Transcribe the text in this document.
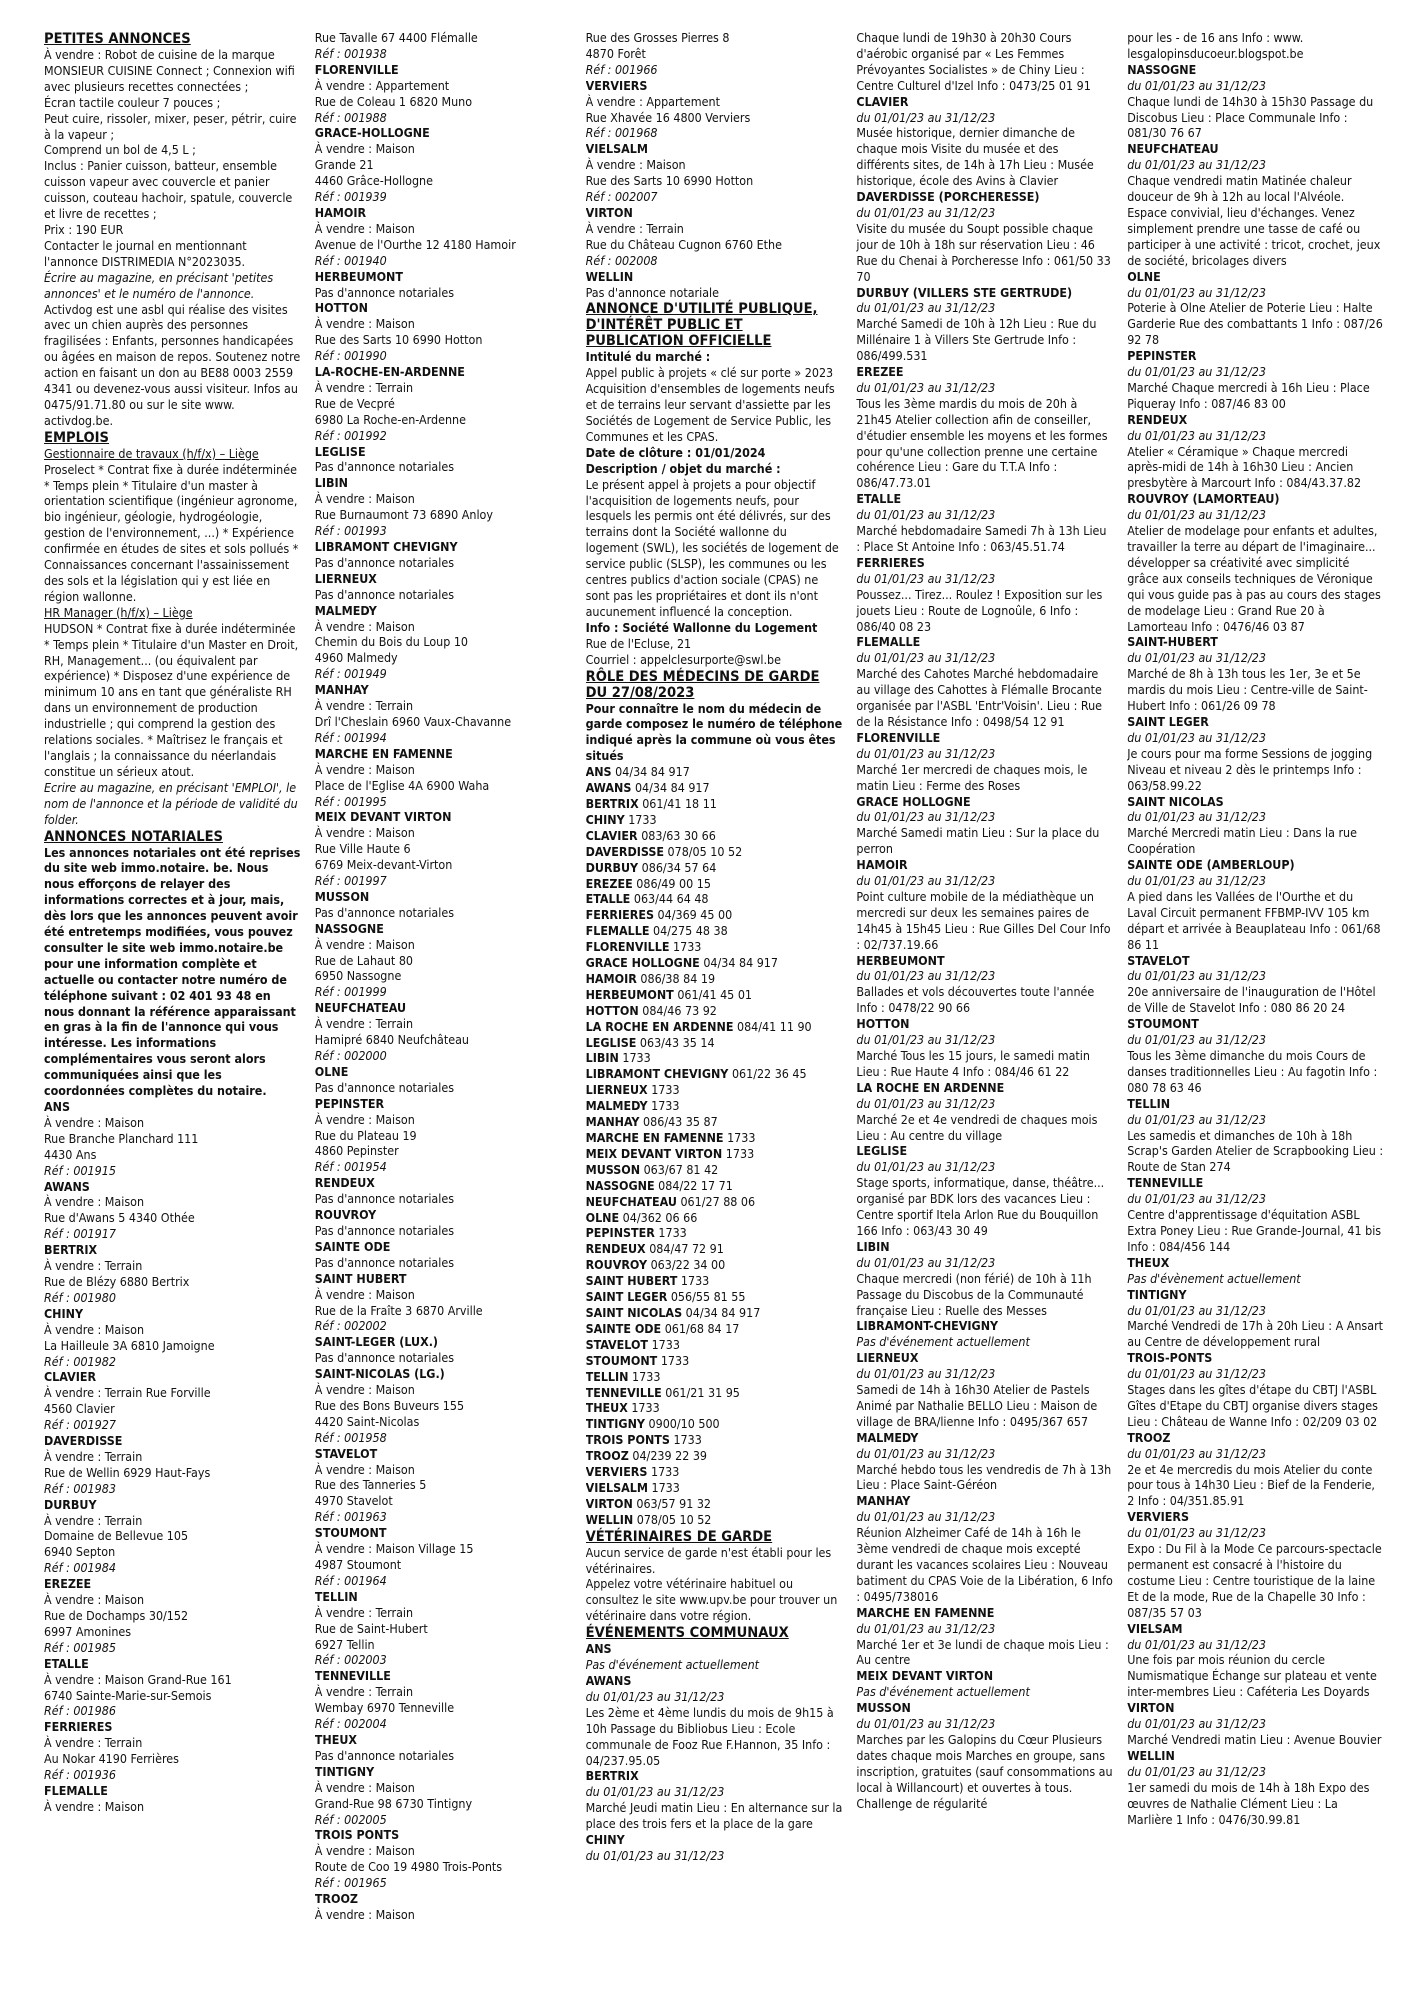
PETITES ANNONCES
À vendre : Robot de cuisine de la marque MONSIEUR CUISINE Connect ; Connexion wifi avec plusieurs recettes connectées ;
Écran tactile couleur 7 pouces ;
Peut cuire, rissoler, mixer, peser, pétrir, cuire à la vapeur ;
Comprend un bol de 4,5 L ;
Inclus : Panier cuisson, batteur, ensemble cuisson vapeur avec couvercle et panier cuisson, couteau hachoir, spatule, couvercle et livre de recettes ;
Prix : 190 EUR
Contacter le journal en mentionnant l'annonce DISTRIMEDIA N°2023035.
Écrire au magazine, en précisant 'petites annonces' et le numéro de l'annonce.
Activdog est une asbl qui réalise des visites avec un chien auprès des personnes fragilisées : Enfants, personnes handicapées ou âgées en maison de repos. Soutenez notre action en faisant un don au BE88 0003 2559 4341 ou devenez-vous aussi visiteur. Infos au 0475/91.71.80 ou sur le site www. activdog.be.
EMPLOIS
Gestionnaire de travaux (h/f/x) – Liège
Proselect * Contrat fixe à durée indéterminée * Temps plein * Titulaire d'un master à orientation scientifique (ingénieur agronome, bio ingénieur, géologie, hydrogéologie, gestion de l'environnement, ...) * Expérience confirmée en études de sites et sols pollués * Connaissances concernant l'assainissement des sols et la législation qui y est liée en région wallonne.
HR Manager (h/f/x) – Liège
HUDSON * Contrat fixe à durée indéterminée * Temps plein * Titulaire d'un Master en Droit, RH, Management... (ou équivalent par expérience) * Disposez d'une expérience de minimum 10 ans en tant que généraliste RH dans un environnement de production industrielle ; qui comprend la gestion des relations sociales. * Maîtrisez le français et l'anglais ; la connaissance du néerlandais constitue un sérieux atout.
Ecrire au magazine, en précisant 'EMPLOI', le nom de l'annonce et la période de validité du folder.
ANNONCES NOTARIALES
Les annonces notariales ont été reprises du site web immo.notaire. be. Nous nous efforçons de relayer des informations correctes et à jour, mais, dès lors que les annonces peuvent avoir été entretemps modifiées, vous pouvez consulter le site web immo.notaire.be pour une information complète et actuelle ou contacter notre numéro de téléphone suivant : 02 401 93 48 en nous donnant la référence apparaissant en gras à la fin de l'annonce qui vous intéresse. Les informations complémentaires vous seront alors communiquées ainsi que les coordonnées complètes du notaire.
ANS
À vendre : Maison
Rue Branche Planchard 111
4430 Ans
Réf : 001915
AWANS
À vendre : Maison
Rue d'Awans 5 4340 Othée
Réf : 001917
BERTRIX
À vendre : Terrain
Rue de Blézy 6880 Bertrix
Réf : 001980
CHINY
À vendre : Maison
La Hailleule 3A 6810 Jamoigne
Réf : 001982
CLAVIER
À vendre : Terrain Rue Forville
4560 Clavier
Réf : 001927
DAVERDISSE
À vendre : Terrain
Rue de Wellin 6929 Haut-Fays
Réf : 001983
DURBUY
À vendre : Terrain
Domaine de Bellevue 105
6940 Septon
Réf : 001984
EREZEE
À vendre : Maison
Rue de Dochamps 30/152
6997 Amonines
Réf : 001985
ETALLE
À vendre : Maison Grand-Rue 161
6740 Sainte-Marie-sur-Semois
Réf : 001986
FERRIERES
À vendre : Terrain
Au Nokar 4190 Ferrières
Réf : 001936
FLEMALLE
À vendre : Maison
Rue Tavalle 67 4400 Flémalle
Réf : 001938
FLORENVILLE
À vendre : Appartement
Rue de Coleau 1 6820 Muno
Réf : 001988
GRACE-HOLLOGNE
À vendre : Maison
Grande 21
4460 Grâce-Hollogne
Réf : 001939
HAMOIR
À vendre : Maison
Avenue de l'Ourthe 12 4180 Hamoir
Réf : 001940
HERBEUMONT
Pas d'annonce notariales
HOTTON
À vendre : Maison
Rue des Sarts 10 6990 Hotton
Réf : 001990
LA-ROCHE-EN-ARDENNE
À vendre : Terrain
Rue de Vecpré
6980 La Roche-en-Ardenne
Réf : 001992
LEGLISE
Pas d'annonce notariales
LIBIN
À vendre : Maison
Rue Burnaumont 73 6890 Anloy
Réf : 001993
LIBRAMONT CHEVIGNY
Pas d'annonce notariales
LIERNEUX
Pas d'annonce notariales
MALMEDY
À vendre : Maison
Chemin du Bois du Loup 10
4960 Malmedy
Réf : 001949
MANHAY
À vendre : Terrain
Drî l'Cheslain 6960 Vaux-Chavanne
Réf : 001994
MARCHE EN FAMENNE
À vendre : Maison
Place de l'Eglise 4A 6900 Waha
Réf : 001995
MEIX DEVANT VIRTON
À vendre : Maison
Rue Ville Haute 6
6769 Meix-devant-Virton
Réf : 001997
MUSSON
Pas d'annonce notariales
NASSOGNE
À vendre : Maison
Rue de Lahaut 80
6950 Nassogne
Réf : 001999
NEUFCHATEAU
À vendre : Terrain
Hamipré 6840 Neufchâteau
Réf : 002000
OLNE
Pas d'annonce notariales
PEPINSTER
À vendre : Maison
Rue du Plateau 19
4860 Pepinster
Réf : 001954
RENDEUX
Pas d'annonce notariales
ROUVROY
Pas d'annonce notariales
SAINTE ODE
Pas d'annonce notariales
SAINT HUBERT
À vendre : Maison
Rue de la Fraîte 3 6870 Arville
Réf : 002002
SAINT-LEGER (LUX.)
Pas d'annonce notariales
SAINT-NICOLAS (LG.)
À vendre : Maison
Rue des Bons Buveurs 155
4420 Saint-Nicolas
Réf : 001958
STAVELOT
À vendre : Maison
Rue des Tanneries 5
4970 Stavelot
Réf : 001963
STOUMONT
À vendre : Maison Village 15
4987 Stoumont
Réf : 001964
TELLIN
À vendre : Terrain
Rue de Saint-Hubert
6927 Tellin
Réf : 002003
TENNEVILLE
À vendre : Terrain
Wembay 6970 Tenneville
Réf : 002004
THEUX
Pas d'annonce notariales
TINTIGNY
À vendre : Maison
Grand-Rue 98 6730 Tintigny
Réf : 002005
TROIS PONTS
À vendre : Maison
Route de Coo 19 4980 Trois-Ponts
Réf : 001965
TROOZ
À vendre : Maison
Rue des Grosses Pierres 8
4870 Forêt
Réf : 001966
VERVIERS
À vendre : Appartement
Rue Xhavée 16 4800 Verviers
Réf : 001968
VIELSALM
À vendre : Maison
Rue des Sarts 10 6990 Hotton
Réf : 002007
VIRTON
À vendre : Terrain
Rue du Château Cugnon 6760 Ethe
Réf : 002008
WELLIN
Pas d'annonce notariale
ANNONCE D'UTILITÉ PUBLIQUE, D'INTÉRÊT PUBLIC ET PUBLICATION OFFICIELLE
Intitulé du marché :
Appel public à projets « clé sur porte » 2023 Acquisition d'ensembles de logements neufs et de terrains leur servant d'assiette par les Sociétés de Logement de Service Public, les Communes et les CPAS.
Date de clôture : 01/01/2024
Description / objet du marché :
Le présent appel à projets a pour objectif l'acquisition de logements neufs, pour lesquels les permis ont été délivrés, sur des terrains dont la Société wallonne du logement (SWL), les sociétés de logement de service public (SLSP), les communes ou les centres publics d'action sociale (CPAS) ne sont pas les propriétaires et dont ils n'ont aucunement influencé la conception.
Info : Société Wallonne du Logement
Rue de l'Ecluse, 21
Courriel : appelclesurporte@swl.be
RÔLE DES MÉDECINS DE GARDE DU 27/08/2023
Pour connaître le nom du médecin de garde composez le numéro de téléphone indiqué après la commune où vous êtes situés
ANS 04/34 84 917
AWANS 04/34 84 917
BERTRIX 061/41 18 11
CHINY 1733
CLAVIER 083/63 30 66
DAVERDISSE 078/05 10 52
DURBUY 086/34 57 64
EREZEE 086/49 00 15
ETALLE 063/44 64 48
FERRIERES 04/369 45 00
FLEMALLE 04/275 48 38
FLORENVILLE 1733
GRACE HOLLOGNE 04/34 84 917
HAMOIR 086/38 84 19
HERBEUMONT 061/41 45 01
HOTTON 084/46 73 92
LA ROCHE EN ARDENNE 084/41 11 90
LEGLISE 063/43 35 14
LIBIN 1733
LIBRAMONT CHEVIGNY 061/22 36 45
LIERNEUX 1733
MALMEDY 1733
MANHAY 086/43 35 87
MARCHE EN FAMENNE 1733
MEIX DEVANT VIRTON 1733
MUSSON 063/67 81 42
NASSOGNE 084/22 17 71
NEUFCHATEAU 061/27 88 06
OLNE 04/362 06 66
PEPINSTER 1733
RENDEUX 084/47 72 91
ROUVROY 063/22 34 00
SAINT HUBERT 1733
SAINT LEGER 056/55 81 55
SAINT NICOLAS 04/34 84 917
SAINTE ODE 061/68 84 17
STAVELOT 1733
STOUMONT 1733
TELLIN 1733
TENNEVILLE 061/21 31 95
THEUX 1733
TINTIGNY 0900/10 500
TROIS PONTS 1733
TROOZ 04/239 22 39
VERVIERS 1733
VIELSALM 1733
VIRTON 063/57 91 32
WELLIN 078/05 10 52
VÉTÉRINAIRES DE GARDE
Aucun service de garde n'est établi pour les vétérinaires.
Appelez votre vétérinaire habituel ou consultez le site www.upv.be pour trouver un vétérinaire dans votre région.
ÉVÉNEMENTS COMMUNAUX
ANS
Pas d'événement actuellement
AWANS
du 01/01/23 au 31/12/23
Les 2ème et 4ème lundis du mois de 9h15 à 10h Passage du Bibliobus Lieu : Ecole communale de Fooz Rue F.Hannon, 35 Info : 04/237.95.05
BERTRIX
du 01/01/23 au 31/12/23
Marché Jeudi matin Lieu : En alternance sur la place des trois fers et la place de la gare
CHINY
du 01/01/23 au 31/12/23
Chaque lundi de 19h30 à 20h30 Cours d'aérobic organisé par « Les Femmes Prévoyantes Socialistes » de Chiny Lieu : Centre Culturel d'Izel Info : 0473/25 01 91
CLAVIER
du 01/01/23 au 31/12/23
Musée historique, dernier dimanche de chaque mois Visite du musée et des différents sites, de 14h à 17h Lieu : Musée historique, école des Avins à Clavier
DAVERDISSE (PORCHERESSE)
du 01/01/23 au 31/12/23
Visite du musée du Soupt possible chaque jour de 10h à 18h sur réservation Lieu : 46 Rue du Chenai à Porcheresse Info : 061/50 33 70
DURBUY (VILLERS STE GERTRUDE)
du 01/01/23 au 31/12/23
Marché Samedi de 10h à 12h Lieu : Rue du Millénaire 1 à Villers Ste Gertrude Info : 086/499.531
EREZEE
du 01/01/23 au 31/12/23
Tous les 3ème mardis du mois de 20h à 21h45 Atelier collection afin de conseiller, d'étudier ensemble les moyens et les formes pour qu'une collection prenne une certaine cohérence Lieu : Gare du T.T.A Info : 086/47.73.01
ETALLE
du 01/01/23 au 31/12/23
Marché hebdomadaire Samedi 7h à 13h Lieu : Place St Antoine Info : 063/45.51.74
FERRIERES
du 01/01/23 au 31/12/23
Poussez... Tirez... Roulez ! Exposition sur les jouets Lieu : Route de Lognoûle, 6 Info : 086/40 08 23
FLEMALLE
du 01/01/23 au 31/12/23
Marché des Cahotes Marché hebdomadaire au village des Cahottes à Flémalle Brocante organisée par l'ASBL 'Entr'Voisin'. Lieu : Rue de la Résistance Info : 0498/54 12 91
FLORENVILLE
du 01/01/23 au 31/12/23
Marché 1er mercredi de chaques mois, le matin Lieu : Ferme des Roses
GRACE HOLLOGNE
du 01/01/23 au 31/12/23
Marché Samedi matin Lieu : Sur la place du perron
HAMOIR
du 01/01/23 au 31/12/23
Point culture mobile de la médiathèque un mercredi sur deux les semaines paires de 14h45 à 15h45 Lieu : Rue Gilles Del Cour Info : 02/737.19.66
HERBEUMONT
du 01/01/23 au 31/12/23
Ballades et vols découvertes toute l'année Info : 0478/22 90 66
HOTTON
du 01/01/23 au 31/12/23
Marché Tous les 15 jours, le samedi matin Lieu : Rue Haute 4 Info : 084/46 61 22
LA ROCHE EN ARDENNE
du 01/01/23 au 31/12/23
Marché 2e et 4e vendredi de chaques mois Lieu : Au centre du village
LEGLISE
du 01/01/23 au 31/12/23
Stage sports, informatique, danse, théâtre... organisé par BDK lors des vacances Lieu : Centre sportif Itela Arlon Rue du Bouquillon 166 Info : 063/43 30 49
LIBIN
du 01/01/23 au 31/12/23
Chaque mercredi (non férié) de 10h à 11h Passage du Discobus de la Communauté française Lieu : Ruelle des Messes
LIBRAMONT-CHEVIGNY
Pas d'événement actuellement
LIERNEUX
du 01/01/23 au 31/12/23
Samedi de 14h à 16h30 Atelier de Pastels Animé par Nathalie BELLO Lieu : Maison de village de BRA/lienne Info : 0495/367 657
MALMEDY
du 01/01/23 au 31/12/23
Marché hebdo tous les vendredis de 7h à 13h Lieu : Place Saint-Géréon
MANHAY
du 01/01/23 au 31/12/23
Réunion Alzheimer Café de 14h à 16h le 3ème vendredi de chaque mois excepté durant les vacances scolaires Lieu : Nouveau batiment du CPAS Voie de la Libération, 6 Info : 0495/738016
MARCHE EN FAMENNE
du 01/01/23 au 31/12/23
Marché 1er et 3e lundi de chaque mois Lieu : Au centre
MEIX DEVANT VIRTON
Pas d'événement actuellement
MUSSON
du 01/01/23 au 31/12/23
Marches par les Galopins du Cœur Plusieurs dates chaque mois Marches en groupe, sans inscription, gratuites (sauf consommations au local à Willancourt) et ouvertes à tous. Challenge de régularité
pour les - de 16 ans Info : www. lesgalopinsducoeur.blogspot.be
NASSOGNE
du 01/01/23 au 31/12/23
Chaque lundi de 14h30 à 15h30 Passage du Discobus Lieu : Place Communale Info : 081/30 76 67
NEUFCHATEAU
du 01/01/23 au 31/12/23
Chaque vendredi matin Matinée chaleur douceur de 9h à 12h au local l'Alvéole. Espace convivial, lieu d'échanges. Venez simplement prendre une tasse de café ou participer à une activité : tricot, crochet, jeux de société, bricolages divers
OLNE
du 01/01/23 au 31/12/23
Poterie à Olne Atelier de Poterie Lieu : Halte Garderie Rue des combattants 1 Info : 087/26 92 78
PEPINSTER
du 01/01/23 au 31/12/23
Marché Chaque mercredi à 16h Lieu : Place Piqueray Info : 087/46 83 00
RENDEUX
du 01/01/23 au 31/12/23
Atelier « Céramique » Chaque mercredi après-midi de 14h à 16h30 Lieu : Ancien presbytère à Marcourt Info : 084/43.37.82
ROUVROY (LAMORTEAU)
du 01/01/23 au 31/12/23
Atelier de modelage pour enfants et adultes, travailler la terre au départ de l'imaginaire... développer sa créativité avec simplicité grâce aux conseils techniques de Véronique qui vous guide pas à pas au cours des stages de modelage Lieu : Grand Rue 20 à Lamorteau Info : 0476/46 03 87
SAINT-HUBERT
du 01/01/23 au 31/12/23
Marché de 8h à 13h tous les 1er, 3e et 5e mardis du mois Lieu : Centre-ville de Saint-Hubert Info : 061/26 09 78
SAINT LEGER
du 01/01/23 au 31/12/23
Je cours pour ma forme Sessions de jogging Niveau et niveau 2 dès le printemps Info : 063/58.99.22
SAINT NICOLAS
du 01/01/23 au 31/12/23
Marché Mercredi matin Lieu : Dans la rue Coopération
SAINTE ODE (AMBERLOUP)
du 01/01/23 au 31/12/23
A pied dans les Vallées de l'Ourthe et du Laval Circuit permanent FFBMP-IVV 105 km départ et arrivée à Beauplateau Info : 061/68 86 11
STAVELOT
du 01/01/23 au 31/12/23
20e anniversaire de l'inauguration de l'Hôtel de Ville de Stavelot Info : 080 86 20 24
STOUMONT
du 01/01/23 au 31/12/23
Tous les 3ème dimanche du mois Cours de danses traditionnelles Lieu : Au fagotin Info : 080 78 63 46
TELLIN
du 01/01/23 au 31/12/23
Les samedis et dimanches de 10h à 18h Scrap's Garden Atelier de Scrapbooking Lieu : Route de Stan 274
TENNEVILLE
du 01/01/23 au 31/12/23
Centre d'apprentissage d'équitation ASBL Extra Poney Lieu : Rue Grande-Journal, 41 bis Info : 084/456 144
THEUX
Pas d'évènement actuellement
TINTIGNY
du 01/01/23 au 31/12/23
Marché Vendredi de 17h à 20h Lieu : A Ansart au Centre de développement rural
TROIS-PONTS
du 01/01/23 au 31/12/23
Stages dans les gîtes d'étape du CBTJ l'ASBL Gîtes d'Etape du CBTJ organise divers stages Lieu : Château de Wanne Info : 02/209 03 02
TROOZ
du 01/01/23 au 31/12/23
2e et 4e mercredis du mois Atelier du conte pour tous à 14h30 Lieu : Bief de la Fenderie, 2 Info : 04/351.85.91
VERVIERS
du 01/01/23 au 31/12/23
Expo : Du Fil à la Mode Ce parcours-spectacle permanent est consacré à l'histoire du costume Lieu : Centre touristique de la laine Et de la mode, Rue de la Chapelle 30 Info : 087/35 57 03
VIELSAM
du 01/01/23 au 31/12/23
Une fois par mois réunion du cercle Numismatique Échange sur plateau et vente inter-membres Lieu : Caféteria Les Doyards
VIRTON
du 01/01/23 au 31/12/23
Marché Vendredi matin Lieu : Avenue Bouvier
WELLIN
du 01/01/23 au 31/12/23
1er samedi du mois de 14h à 18h Expo des œuvres de Nathalie Clément Lieu : La Marlière 1 Info : 0476/30.99.81
